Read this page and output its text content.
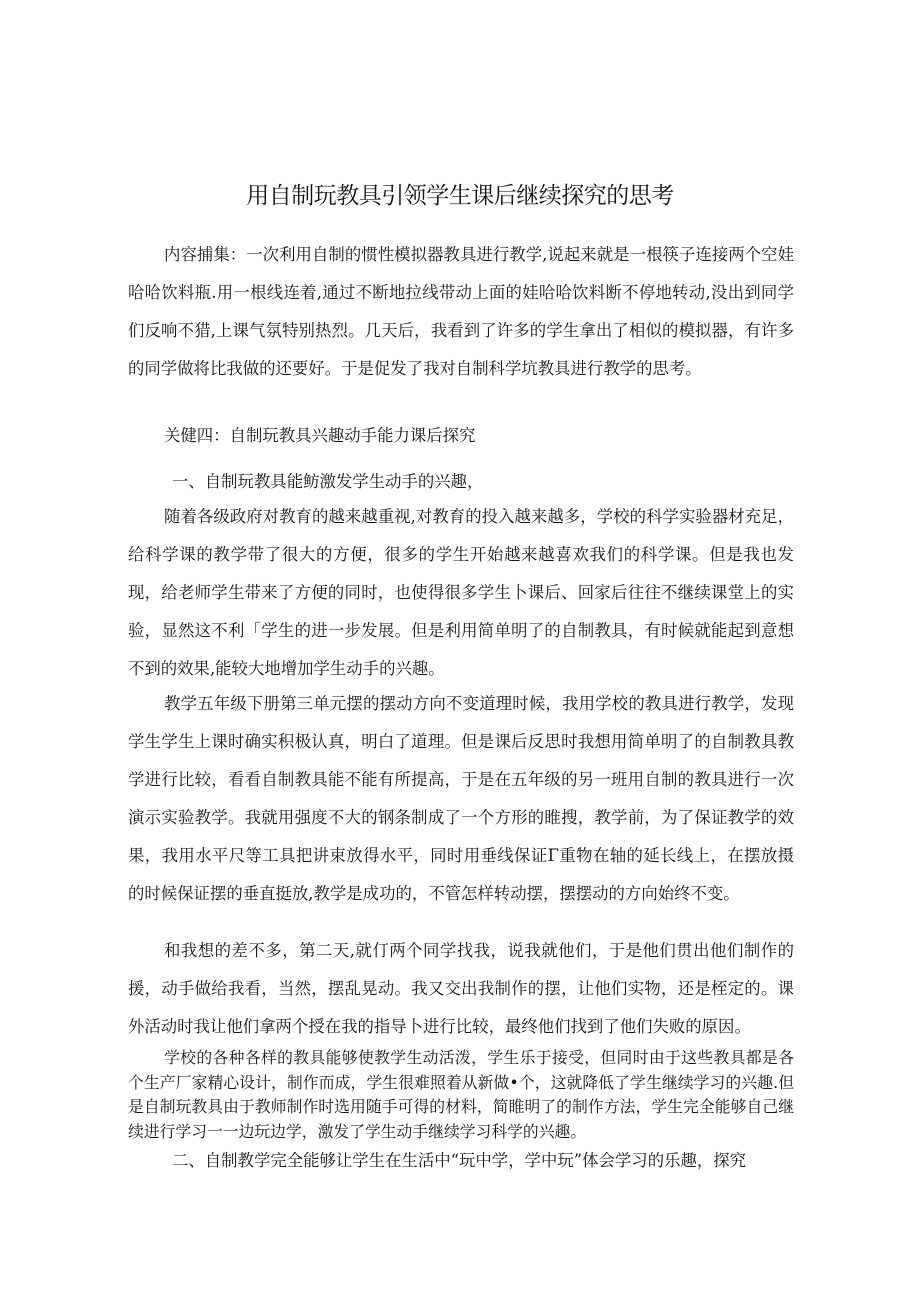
用自制玩教具引领学生课后继续探究的思考

内容捕集：一次利用自制的惯性模拟器教具进行教学,说起来就是一根筷子连接两个空娃哈哈饮料瓶.用一根线连着,通过不断地拉线带动上面的娃哈哈饮料断不停地转动,没出到同学们反响不猎,上课气氛特别热烈。几天后，我看到了许多的学生拿出了相似的模拟器，有许多的同学做将比我做的还要好。于是促发了我对自制科学坑教具进行教学的思考。

关健四：自制玩教具兴趣动手能力课后探究

一、自制玩教具能鲂激发学生动手的兴趣，

随着各级政府对教育的越来越重视,对教育的投入越来越多，学校的科学实验器材充足，给科学课的教学带了很大的方便，很多的学生开始越来越喜欢我们的科学课。但是我也发现，给老师学生带来了方便的同时，也使得很多学生卜课后、回家后往往不继续课堂上的实验，显然这不利「学生的进一步发展。但是利用简单明了的自制教具，有时候就能起到意想不到的效果,能较大地增加学生动手的兴趣。

教学五年级下册第三单元摆的摆动方向不变道理时候，我用学校的教具进行教学，发现学生学生上课时确实积极认真，明白了道理。但是课后反思时我想用简单明了的自制教具教学进行比较，看看自制教具能不能有所提高，于是在五年级的另一班用自制的教具进行一次演示实验教学。我就用强度不大的钢条制成了一个方形的睢搜，教学前，为了保证教学的效果，我用水平尺等工具把讲束放得水平，同时用垂线保证Γ重物在轴的延长线上，在摆放摄的时候保证摆的垂直挺放,教学是成功的，不管怎样转动摆，摆摆动的方向始终不变。

和我想的差不多，第二天,就仃两个同学找我，说我就他们，于是他们贯出他们制作的援，动手做给我看，当然，摆乱晃动。我又交出我制作的摆，让他们实物，还是桎定的。课外活动时我让他们拿两个授在我的指导卜进行比较，最终他们找到了他们失败的原因。

学校的各种各样的教具能够使教学生动活泼，学生乐于接受，但同时由于这些教具都是各个生产厂家精心设计，制作而成，学生很难照着从新做•个，这就降低了学生继续学习的兴趣.但是自制玩教具由于教师制作时选用随手可得的材料，简睢明了的制作方法，学生完全能够自己继续进行学习一一边玩边学，激发了学生动手继续学习科学的兴趣。

二、自制教学完全能够让学生在生活中“玩中学，学中玩”体会学习的乐趣，探究
